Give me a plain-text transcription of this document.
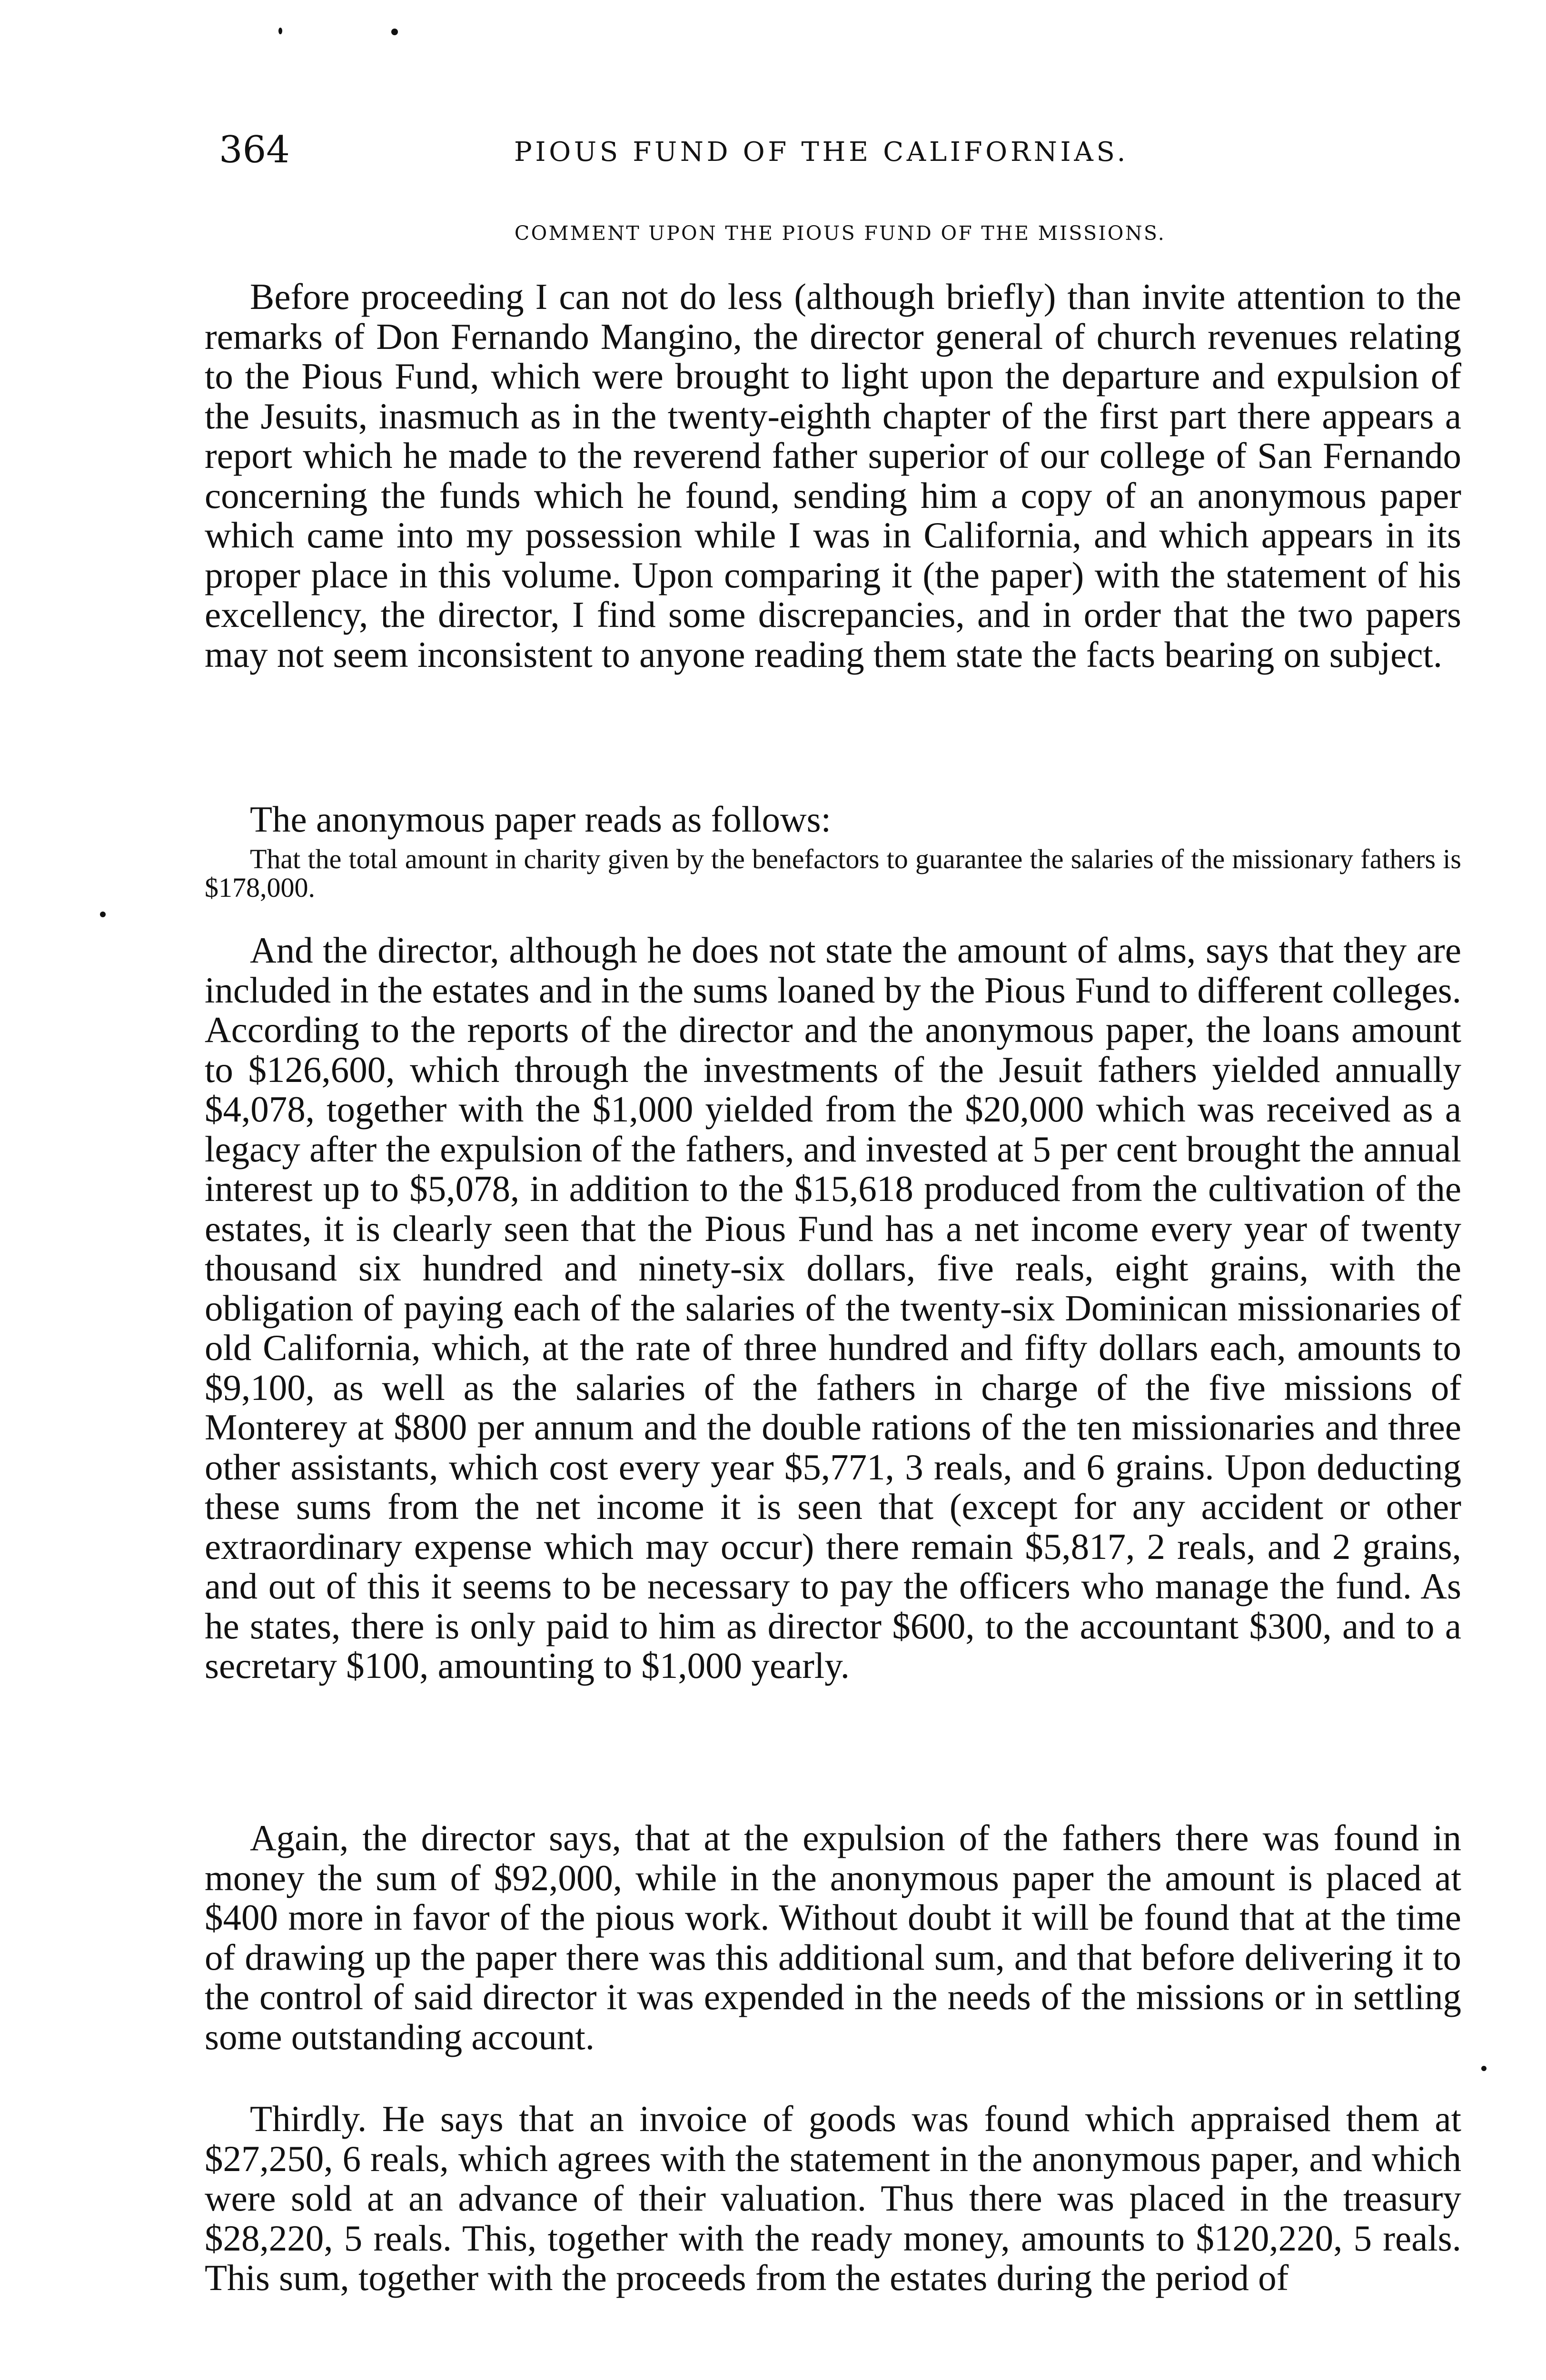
364	PIOUS FUND OF THE CALIFORNIAS.
COMMENT UPON THE PIOUS FUND OF THE MISSIONS.

Before proceeding I can not do less (although briefly) than invite attention to the remarks of Don Fernando Mangino, the director general of church revenues relating to the Pious Fund, which were brought to light upon the departure and expulsion of the Jesuits, inasmuch as in the twenty-eighth chapter of the first part there appears a report which he made to the reverend father superior of our college of San Fernando concerning the funds which he found, sending him a copy of an anonymous paper which came into my possession while I was in California, and which appears in its proper place in this volume. Upon comparing it (the paper) with the statement of his excellency, the director, I find some discrepancies, and in order that the two papers may not seem inconsistent to anyone reading them state the facts bearing on subject.

The anonymous paper reads as follows:

That the total amount in charity given by the benefactors to guarantee the salaries of the missionary fathers is $178,000.

And the director, although he does not state the amount of alms, says that they are included in the estates and in the sums loaned by the Pious Fund to different colleges. According to the reports of the director and the anonymous paper, the loans amount to $126,600, which through the investments of the Jesuit fathers yielded annually $4,078, together with the $1,000 yielded from the $20,000 which was received as a legacy after the expulsion of the fathers, and invested at 5 per cent brought the annual interest up to $5,078, in addition to the $15,618 produced from the cultivation of the estates, it is clearly seen that the Pious Fund has a net income every year of twenty thousand six hundred and ninety-six dollars, five reals, eight grains, with the obligation of paying each of the salaries of the twenty-six Dominican missionaries of old California, which, at the rate of three hundred and fifty dollars each, amounts to $9,100, as well as the salaries of the fathers in charge of the five missions of Monterey at $800 per annum and the double rations of the ten missionaries and three other assistants, which cost every year $5,771, 3 reals, and 6 grains. Upon deducting these sums from the net income it is seen that (except for any accident or other extraordinary expense which may occur) there remain $5,817, 2 reals, and 2 grains, and out of this it seems to be necessary to pay the officers who manage the fund. As he states, there is only paid to him as director $600, to the accountant $300, and to a secretary $100, amounting to $1,000 yearly.

Again, the director says, that at the expulsion of the fathers there was found in money the sum of $92,000, while in the anonymous paper the amount is placed at $400 more in favor of the pious work. Without doubt it will be found that at the time of drawing up the paper there was this additional sum, and that before delivering it to the control of said director it was expended in the needs of the missions or in settling some outstanding account.

Thirdly. He says that an invoice of goods was found which appraised them at $27,250, 6 reals, which agrees with the statement in the anonymous paper, and which were sold at an advance of their valuation. Thus there was placed in the treasury $28,220, 5 reals. This, together with the ready money, amounts to $120,220, 5 reals. This sum, together with the proceeds from the estates during the period of
